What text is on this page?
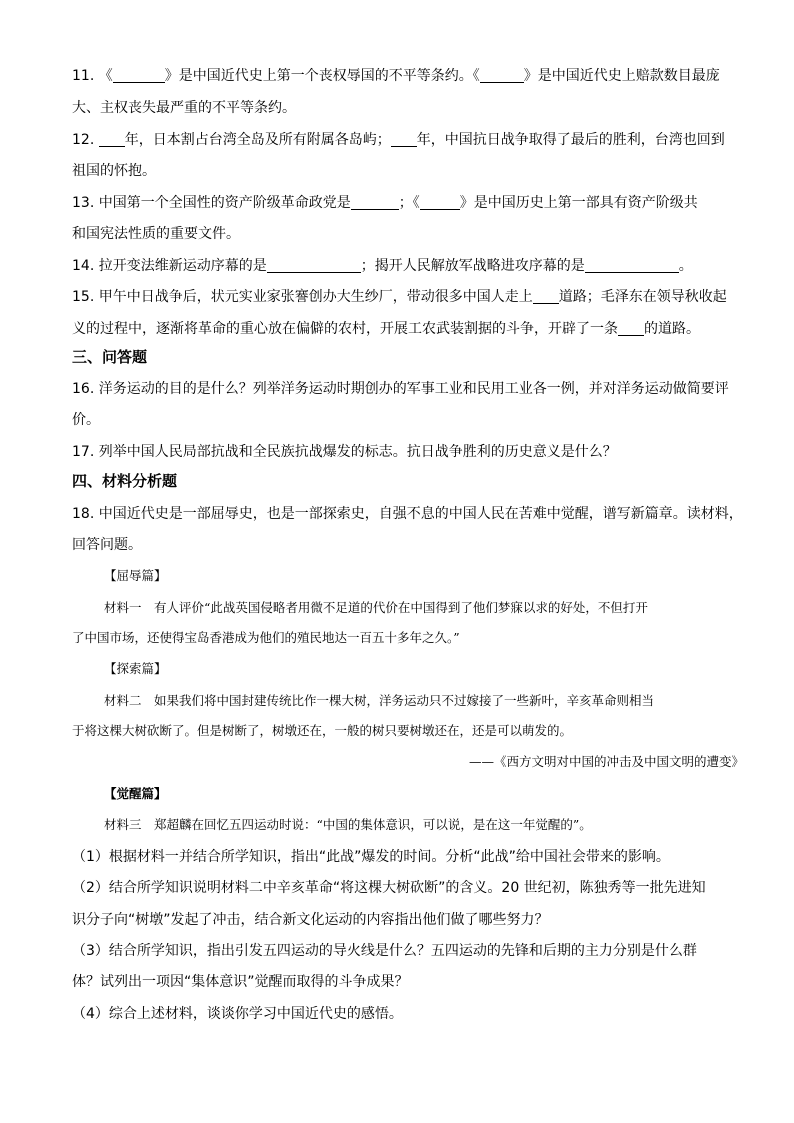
11. 《	》是中国近代史上第一个丧权辱国的不平等条约。《	》是中国近代史上赔款数目最庞
大、主权丧失最严重的不平等条约。
12. 年，日本割占台湾全岛及所有附属各岛屿； 年，中国抗日战争取得了最后的胜利，台湾也回到
祖国的怀抱。
13. 中国第一个全国性的资产阶级革命政党是	；《	》是中国历史上第一部具有资产阶级共
和国宪法性质的重要文件。
14. 拉开变法维新运动序幕的是	；揭开人民解放军战略进攻序幕的是	。
15. 甲午中日战争后，状元实业家张謇创办大生纱厂，带动很多中国人走上 道路；毛泽东在领导秋收起
义的过程中，逐渐将革命的重心放在偏僻的农村，开展工农武装割据的斗争，开辟了一条 的道路。
三、问答题
16. 洋务运动的目的是什么？列举洋务运动时期创办的军事工业和民用工业各一例，并对洋务运动做简要评
价。
17. 列举中国人民局部抗战和全民族抗战爆发的标志。抗日战争胜利的历史意义是什么？
四、材料分析题
18. 中国近代史是一部屈辱史，也是一部探索史，自强不息的中国人民在苦难中觉醒，谱写新篇章。读材料，
回答问题。
【屈辱篇】
材料一　有人评价“此战英国侵略者用微不足道的代价在中国得到了他们梦寐以求的好处，不但打开
了中国市场，还使得宝岛香港成为他们的殖民地达一百五十多年之久。”
【探索篇】
材料二　如果我们将中国封建传统比作一棵大树，洋务运动只不过嫁接了一些新叶，辛亥革命则相当
于将这棵大树砍断了。但是树断了，树墩还在，一般的树只要树墩还在，还是可以萌发的。
——《西方文明对中国的冲击及中国文明的遭变》
【觉醒篇】
材料三　郑超麟在回忆五四运动时说：“中国的集体意识，可以说，是在这一年觉醒的”。
（1）根据材料一并结合所学知识，指出“此战”爆发的时间。分析“此战”给中国社会带来的影响。
（2）结合所学知识说明材料二中辛亥革命“将这棵大树砍断”的含义。20 世纪初，陈独秀等一批先进知
识分子向“树墩”发起了冲击，结合新文化运动的内容指出他们做了哪些努力？
（3）结合所学知识，指出引发五四运动的导火线是什么？五四运动的先锋和后期的主力分别是什么群
体？试列出一项因“集体意识”觉醒而取得的斗争成果？
（4）综合上述材料，谈谈你学习中国近代史的感悟。
